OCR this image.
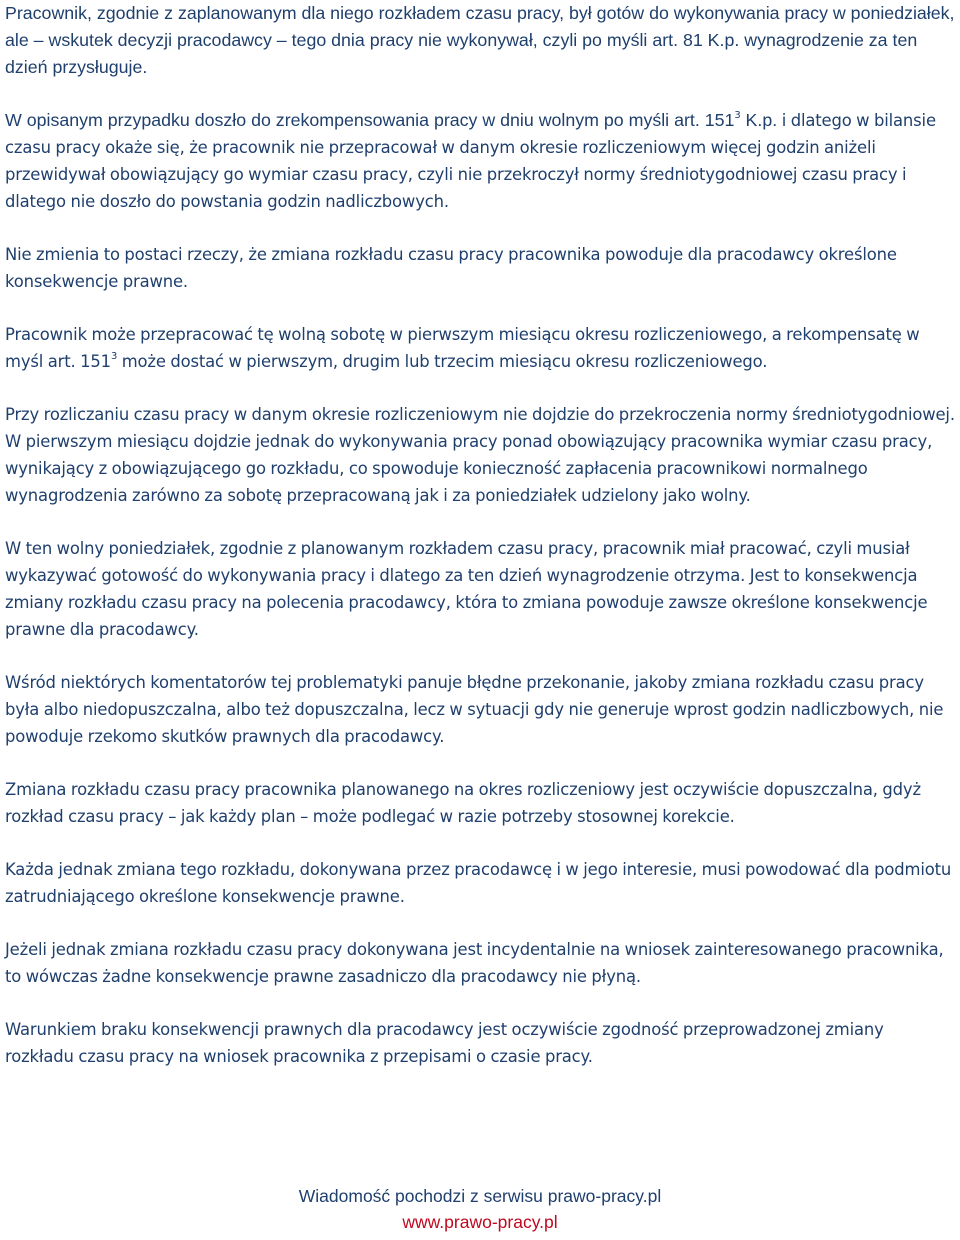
Pracownik, zgodnie z zaplanowanym dla niego rozkładem czasu pracy, był gotów do wykonywania pracy w poniedziałek, ale – wskutek decyzji pracodawcy – tego dnia pracy nie wykonywał, czyli po myśli art. 81 K.p. wynagrodzenie za ten dzień przysługuje.

W opisanym przypadku doszło do zrekompensowania pracy w dniu wolnym po myśli art. $151^3$ K.p. i dlatego w bilansie czasu pracy okaże się, że pracownik nie przepracował w danym okresie rozliczeniowym więcej godzin aniżeli przewidywał obowiązujący go wymiar czasu pracy, czyli nie przekroczył normy średniotygodniowej czasu pracy i dlatego nie doszło do powstania godzin nadliczbowych.

Nie zmienia to postaci rzeczy, że zmiana rozkładu czasu pracy pracownika powoduje dla pracodawcy określone konsekwencje prawne.

Pracownik może przepracować tę wolną sobotę w pierwszym miesiącu okresu rozliczeniowego, a rekompensatę w myśl art. $151^3$ może dostać w pierwszym, drugim lub trzecim miesiącu okresu rozliczeniowego.

Przy rozliczaniu czasu pracy w danym okresie rozliczeniowym nie dojdzie do przekroczenia normy średniotygodniowej. W pierwszym miesiącu dojdzie jednak do wykonywania pracy ponad obowiązujący pracownika wymiar czasu pracy, wynikający z obowiązującego go rozkładu, co spowoduje konieczność zapłacenia pracownikowi normalnego wynagrodzenia zarówno za sobotę przepracowaną jak i za poniedziałek udzielony jako wolny.

W ten wolny poniedziałek, zgodnie z planowanym rozkładem czasu pracy, pracownik miał pracować, czyli musiał wykazywać gotowość do wykonywania pracy i dlatego za ten dzień wynagrodzenie otrzyma. Jest to konsekwencja zmiany rozkładu czasu pracy na polecenia pracodawcy, która to zmiana powoduje zawsze określone konsekwencje prawne dla pracodawcy.

Wśród niektórych komentatorów tej problematyki panuje błędne przekonanie, jakoby zmiana rozkładu czasu pracy była albo niedopuszczalna, albo też dopuszczalna, lecz w sytuacji gdy nie generuje wprost godzin nadliczbowych, nie powoduje rzekomo skutków prawnych dla pracodawcy.

Zmiana rozkładu czasu pracy pracownika planowanego na okres rozliczeniowy jest oczywiście dopuszczalna, gdyż rozkład czasu pracy – jak każdy plan – może podlegać w razie potrzeby stosownej korekcie.

Każda jednak zmiana tego rozkładu, dokonywana przez pracodawcę i w jego interesie, musi powodować dla podmiotu zatrudniającego określone konsekwencje prawne.

Jeżeli jednak zmiana rozkładu czasu pracy dokonywana jest incydentalnie na wniosek zainteresowanego pracownika, to wówczas żadne konsekwencje prawne zasadniczo dla pracodawcy nie płyną.

Warunkiem braku konsekwencji prawnych dla pracodawcy jest oczywiście zgodność przeprowadzonej zmiany rozkładu czasu pracy na wniosek pracownika z przepisami o czasie pracy.

Wiadomość pochodzi z serwisu prawo-pracy.pl
www.prawo-pracy.pl
